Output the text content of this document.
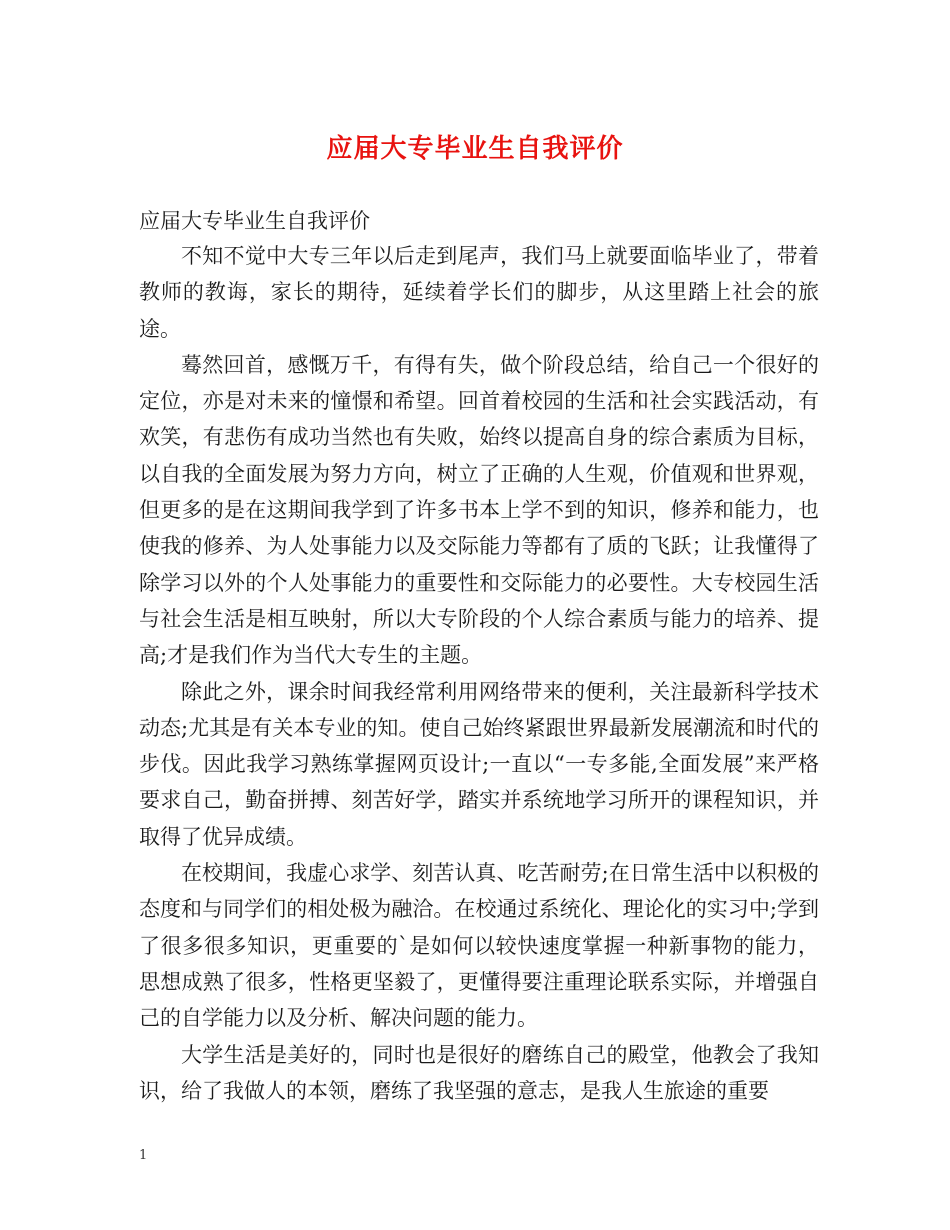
应届大专毕业生自我评价
应届大专毕业生自我评价

不知不觉中大专三年以后走到尾声，我们马上就要面临毕业了，带着教师的教诲，家长的期待，延续着学长们的脚步，从这里踏上社会的旅途。

蓦然回首，感慨万千，有得有失，做个阶段总结，给自己一个很好的定位，亦是对未来的憧憬和希望。回首着校园的生活和社会实践活动，有欢笑，有悲伤有成功当然也有失败，始终以提高自身的综合素质为目标，以自我的全面发展为努力方向，树立了正确的人生观，价值观和世界观，但更多的是在这期间我学到了许多书本上学不到的知识，修养和能力，也使我的修养、为人处事能力以及交际能力等都有了质的飞跃；让我懂得了除学习以外的个人处事能力的重要性和交际能力的必要性。大专校园生活与社会生活是相互映射，所以大专阶段的个人综合素质与能力的培养、提高;才是我们作为当代大专生的主题。

除此之外，课余时间我经常利用网络带来的便利，关注最新科学技术动态;尤其是有关本专业的知。使自己始终紧跟世界最新发展潮流和时代的步伐。因此我学习熟练掌握网页设计;一直以“一专多能,全面发展”来严格要求自己，勤奋拼搏、刻苦好学，踏实并系统地学习所开的课程知识，并取得了优异成绩。

在校期间，我虚心求学、刻苦认真、吃苦耐劳;在日常生活中以积极的态度和与同学们的相处极为融洽。在校通过系统化、理论化的实习中;学到了很多很多知识，更重要的`是如何以较快速度掌握一种新事物的能力，思想成熟了很多，性格更坚毅了，更懂得要注重理论联系实际，并增强自己的自学能力以及分析、解决问题的能力。

大学生活是美好的，同时也是很好的磨练自己的殿堂，他教会了我知识，给了我做人的本领，磨练了我坚强的意志，是我人生旅途的重要

1
